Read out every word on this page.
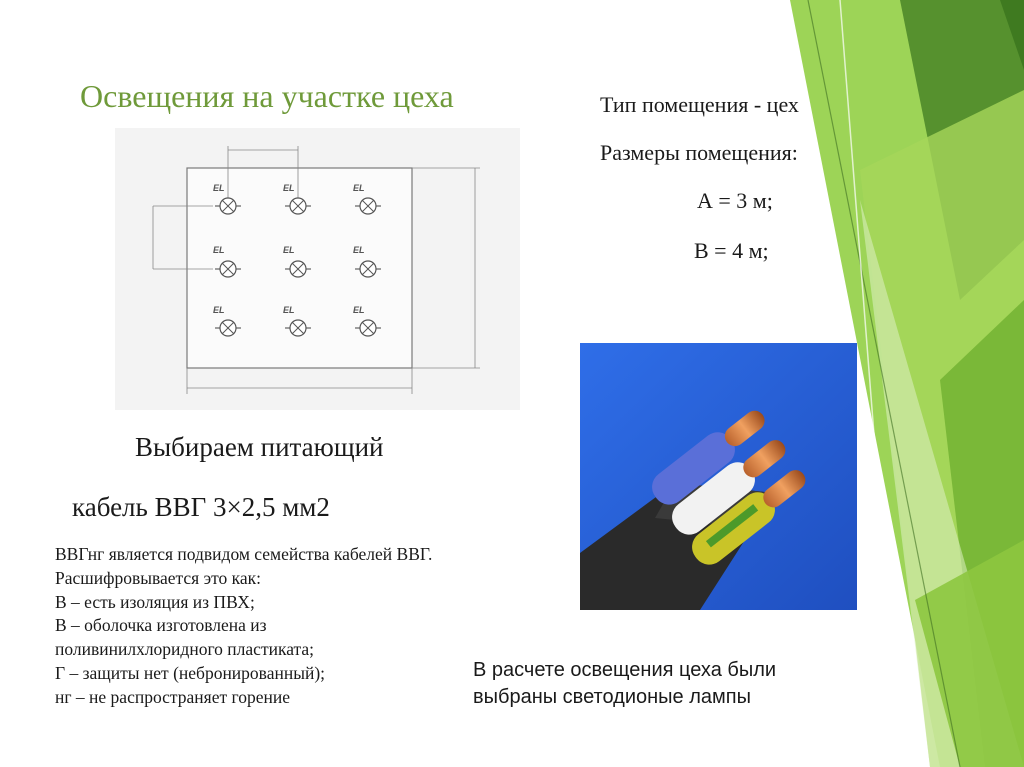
Освещения на участке цеха	Тип помещения - цех
Размеры помещения:
А = 3 м;
В = 4 м;
EL	EL	EL
EL	EL	EL
EL	EL	EL
Выбираем питающий
кабель ВВГ 3×2,5 мм2
ВВГнг является подвидом семейства кабелей ВВГ.
Расшифровывается это как:
В – есть изоляция из ПВХ;
В – оболочка изготовлена из
поливинилхлоридного пластиката;
Г – защиты нет (небронированный);
нг – не распространяет горение
В расчете освещения цеха были
выбраны светодионые лампы
